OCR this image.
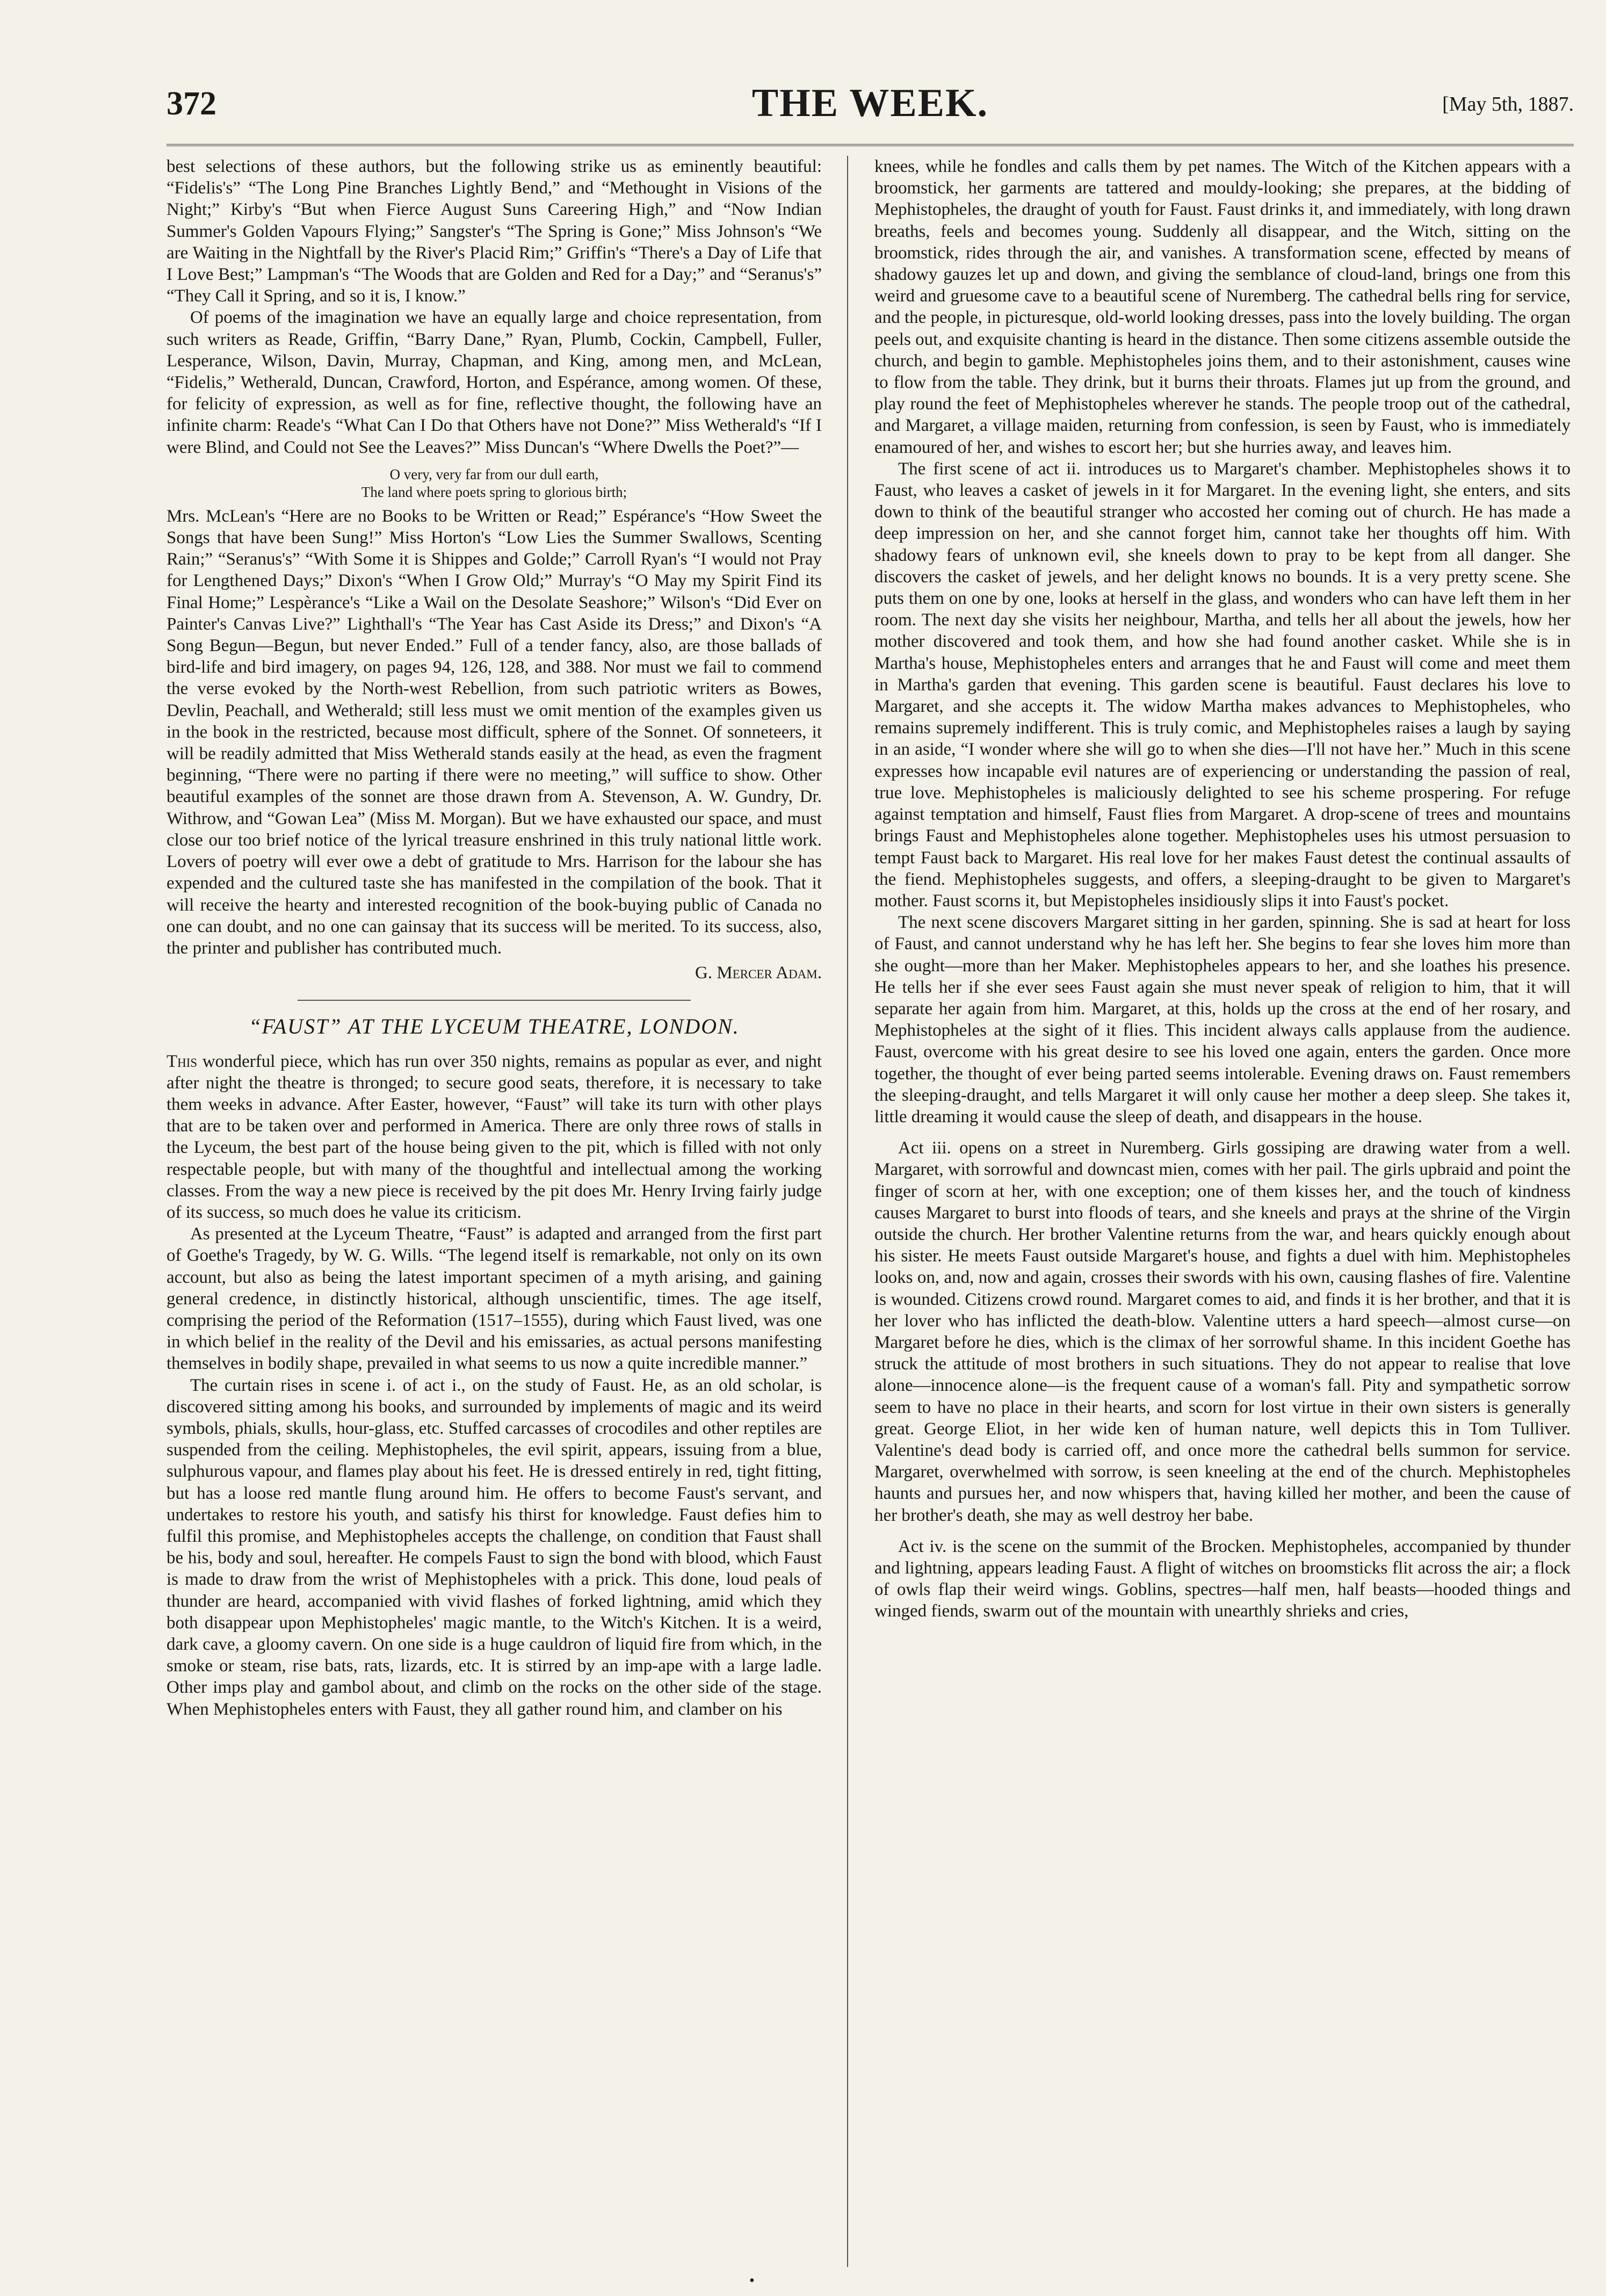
372	THE WEEK.	[May 5th, 1887.

best selections of these authors, but the following strike us as eminently beautiful: “Fidelis's” “The Long Pine Branches Lightly Bend,” and “Methought in Visions of the Night;” Kirby's “But when Fierce August Suns Careering High,” and “Now Indian Summer's Golden Vapours Flying;” Sangster's “The Spring is Gone;” Miss Johnson's “We are Waiting in the Nightfall by the River's Placid Rim;” Griffin's “There's a Day of Life that I Love Best;” Lampman's “The Woods that are Golden and Red for a Day;” and “Seranus's” “They Call it Spring, and so it is, I know.”

Of poems of the imagination we have an equally large and choice representation, from such writers as Reade, Griffin, “Barry Dane,” Ryan, Plumb, Cockin, Campbell, Fuller, Lesperance, Wilson, Davin, Murray, Chapman, and King, among men, and McLean, “Fidelis,” Wetherald, Duncan, Crawford, Horton, and Espérance, among women. Of these, for felicity of expression, as well as for fine, reflective thought, the following have an infinite charm: Reade's “What Can I Do that Others have not Done?” Miss Wetherald's “If I were Blind, and Could not See the Leaves?” Miss Duncan's “Where Dwells the Poet?”—

O very, very far from our dull earth,
The land where poets spring to glorious birth;

Mrs. McLean's “Here are no Books to be Written or Read;” Espérance's “How Sweet the Songs that have been Sung!” Miss Horton's “Low Lies the Summer Swallows, Scenting Rain;” “Seranus's” “With Some it is Shippes and Golde;” Carroll Ryan's “I would not Pray for Lengthened Days;” Dixon's “When I Grow Old;” Murray's “O May my Spirit Find its Final Home;” Lespèrance's “Like a Wail on the Desolate Seashore;” Wilson's “Did Ever on Painter's Canvas Live?” Lighthall's “The Year has Cast Aside its Dress;” and Dixon's “A Song Begun—Begun, but never Ended.” Full of a tender fancy, also, are those ballads of bird-life and bird imagery, on pages 94, 126, 128, and 388. Nor must we fail to commend the verse evoked by the North-west Rebellion, from such patriotic writers as Bowes, Devlin, Peachall, and Wetherald; still less must we omit mention of the examples given us in the book in the restricted, because most difficult, sphere of the Sonnet. Of sonneteers, it will be readily admitted that Miss Wetherald stands easily at the head, as even the fragment beginning, “There were no parting if there were no meeting,” will suffice to show. Other beautiful examples of the sonnet are those drawn from A. Stevenson, A. W. Gundry, Dr. Withrow, and “Gowan Lea” (Miss M. Morgan). But we have exhausted our space, and must close our too brief notice of the lyrical treasure enshrined in this truly national little work. Lovers of poetry will ever owe a debt of gratitude to Mrs. Harrison for the labour she has expended and the cultured taste she has manifested in the compilation of the book. That it will receive the hearty and interested recognition of the book-buying public of Canada no one can doubt, and no one can gainsay that its success will be merited. To its success, also, the printer and publisher has contributed much.

G. Mercer Adam.
“FAUST” AT THE LYCEUM THEATRE, LONDON.

This wonderful piece, which has run over 350 nights, remains as popular as ever, and night after night the theatre is thronged; to secure good seats, therefore, it is necessary to take them weeks in advance. After Easter, however, “Faust” will take its turn with other plays that are to be taken over and performed in America. There are only three rows of stalls in the Lyceum, the best part of the house being given to the pit, which is filled with not only respectable people, but with many of the thoughtful and intellectual among the working classes. From the way a new piece is received by the pit does Mr. Henry Irving fairly judge of its success, so much does he value its criticism.

As presented at the Lyceum Theatre, “Faust” is adapted and arranged from the first part of Goethe's Tragedy, by W. G. Wills. “The legend itself is remarkable, not only on its own account, but also as being the latest important specimen of a myth arising, and gaining general credence, in distinctly historical, although unscientific, times. The age itself, comprising the period of the Reformation (1517–1555), during which Faust lived, was one in which belief in the reality of the Devil and his emissaries, as actual persons manifesting themselves in bodily shape, prevailed in what seems to us now a quite incredible manner.”

The curtain rises in scene i. of act i., on the study of Faust. He, as an old scholar, is discovered sitting among his books, and surrounded by implements of magic and its weird symbols, phials, skulls, hour-glass, etc. Stuffed carcasses of crocodiles and other reptiles are suspended from the ceiling. Mephistopheles, the evil spirit, appears, issuing from a blue, sulphurous vapour, and flames play about his feet. He is dressed entirely in red, tight fitting, but has a loose red mantle flung around him. He offers to become Faust's servant, and undertakes to restore his youth, and satisfy his thirst for knowledge. Faust defies him to fulfil this promise, and Mephistopheles accepts the challenge, on condition that Faust shall be his, body and soul, hereafter. He compels Faust to sign the bond with blood, which Faust is made to draw from the wrist of Mephistopheles with a prick. This done, loud peals of thunder are heard, accompanied with vivid flashes of forked lightning, amid which they both disappear upon Mephistopheles' magic mantle, to the Witch's Kitchen. It is a weird, dark cave, a gloomy cavern. On one side is a huge cauldron of liquid fire from which, in the smoke or steam, rise bats, rats, lizards, etc. It is stirred by an imp-ape with a large ladle. Other imps play and gambol about, and climb on the rocks on the other side of the stage. When Mephistopheles enters with Faust, they all gather round him, and clamber on his

knees, while he fondles and calls them by pet names. The Witch of the Kitchen appears with a broomstick, her garments are tattered and mouldy-looking; she prepares, at the bidding of Mephistopheles, the draught of youth for Faust. Faust drinks it, and immediately, with long drawn breaths, feels and becomes young. Suddenly all disappear, and the Witch, sitting on the broomstick, rides through the air, and vanishes. A transformation scene, effected by means of shadowy gauzes let up and down, and giving the semblance of cloud-land, brings one from this weird and gruesome cave to a beautiful scene of Nuremberg. The cathedral bells ring for service, and the people, in picturesque, old-world looking dresses, pass into the lovely building. The organ peels out, and exquisite chanting is heard in the distance. Then some citizens assemble outside the church, and begin to gamble. Mephistopheles joins them, and to their astonishment, causes wine to flow from the table. They drink, but it burns their throats. Flames jut up from the ground, and play round the feet of Mephistopheles wherever he stands. The people troop out of the cathedral, and Margaret, a village maiden, returning from confession, is seen by Faust, who is immediately enamoured of her, and wishes to escort her; but she hurries away, and leaves him.

The first scene of act ii. introduces us to Margaret's chamber. Mephistopheles shows it to Faust, who leaves a casket of jewels in it for Margaret. In the evening light, she enters, and sits down to think of the beautiful stranger who accosted her coming out of church. He has made a deep impression on her, and she cannot forget him, cannot take her thoughts off him. With shadowy fears of unknown evil, she kneels down to pray to be kept from all danger. She discovers the casket of jewels, and her delight knows no bounds. It is a very pretty scene. She puts them on one by one, looks at herself in the glass, and wonders who can have left them in her room. The next day she visits her neighbour, Martha, and tells her all about the jewels, how her mother discovered and took them, and how she had found another casket. While she is in Martha's house, Mephistopheles enters and arranges that he and Faust will come and meet them in Martha's garden that evening. This garden scene is beautiful. Faust declares his love to Margaret, and she accepts it. The widow Martha makes advances to Mephistopheles, who remains supremely indifferent. This is truly comic, and Mephistopheles raises a laugh by saying in an aside, “I wonder where she will go to when she dies—I'll not have her.” Much in this scene expresses how incapable evil natures are of experiencing or understanding the passion of real, true love. Mephistopheles is maliciously delighted to see his scheme prospering. For refuge against temptation and himself, Faust flies from Margaret. A drop-scene of trees and mountains brings Faust and Mephistopheles alone together. Mephistopheles uses his utmost persuasion to tempt Faust back to Margaret. His real love for her makes Faust detest the continual assaults of the fiend. Mephistopheles suggests, and offers, a sleeping-draught to be given to Margaret's mother. Faust scorns it, but Mepistopheles insidiously slips it into Faust's pocket.

The next scene discovers Margaret sitting in her garden, spinning. She is sad at heart for loss of Faust, and cannot understand why he has left her. She begins to fear she loves him more than she ought—more than her Maker. Mephistopheles appears to her, and she loathes his presence. He tells her if she ever sees Faust again she must never speak of religion to him, that it will separate her again from him. Margaret, at this, holds up the cross at the end of her rosary, and Mephistopheles at the sight of it flies. This incident always calls applause from the audience. Faust, overcome with his great desire to see his loved one again, enters the garden. Once more together, the thought of ever being parted seems intolerable. Evening draws on. Faust remembers the sleeping-draught, and tells Margaret it will only cause her mother a deep sleep. She takes it, little dreaming it would cause the sleep of death, and disappears in the house.

Act iii. opens on a street in Nuremberg. Girls gossiping are drawing water from a well. Margaret, with sorrowful and downcast mien, comes with her pail. The girls upbraid and point the finger of scorn at her, with one exception; one of them kisses her, and the touch of kindness causes Margaret to burst into floods of tears, and she kneels and prays at the shrine of the Virgin outside the church. Her brother Valentine returns from the war, and hears quickly enough about his sister. He meets Faust outside Margaret's house, and fights a duel with him. Mephistopheles looks on, and, now and again, crosses their swords with his own, causing flashes of fire. Valentine is wounded. Citizens crowd round. Margaret comes to aid, and finds it is her brother, and that it is her lover who has inflicted the death-blow. Valentine utters a hard speech—almost curse—on Margaret before he dies, which is the climax of her sorrowful shame. In this incident Goethe has struck the attitude of most brothers in such situations. They do not appear to realise that love alone—innocence alone—is the frequent cause of a woman's fall. Pity and sympathetic sorrow seem to have no place in their hearts, and scorn for lost virtue in their own sisters is generally great. George Eliot, in her wide ken of human nature, well depicts this in Tom Tulliver. Valentine's dead body is carried off, and once more the cathedral bells summon for service. Margaret, overwhelmed with sorrow, is seen kneeling at the end of the church. Mephistopheles haunts and pursues her, and now whispers that, having killed her mother, and been the cause of her brother's death, she may as well destroy her babe.

Act iv. is the scene on the summit of the Brocken. Mephistopheles, accompanied by thunder and lightning, appears leading Faust. A flight of witches on broomsticks flit across the air; a flock of owls flap their weird wings. Goblins, spectres—half men, half beasts—hooded things and winged fiends, swarm out of the mountain with unearthly shrieks and cries,

•
